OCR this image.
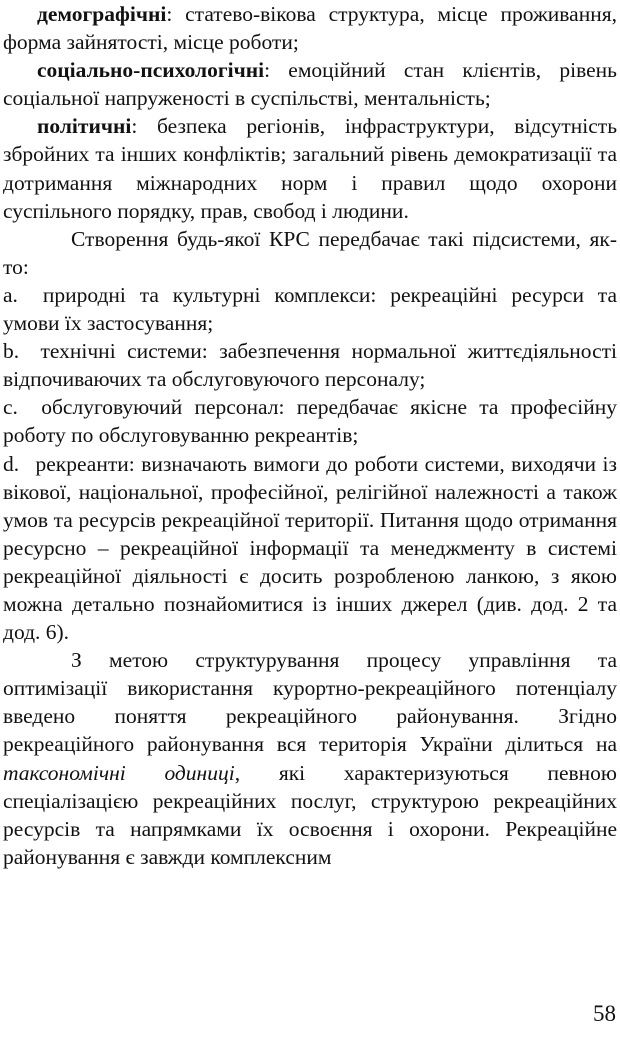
демографічні: статево-вікова структура, місце проживання, форма зайнятості, місце роботи;

соціально-психологічні: емоційний стан клієнтів, рівень соціальної напруженості в суспільстві, ментальність;

політичні: безпека регіонів, інфраструктури, відсутність збройних та інших конфліктів; загальний рівень демократизації та дотримання міжнародних норм і правил щодо охорони суспільного порядку, прав, свобод і людини.

Створення будь-якої КРС передбачає такі підсистеми, як-то:

a. природні та культурні комплекси: рекреаційні ресурси та умови їх застосування;

b. технічні системи: забезпечення нормальної життєдіяльності відпочиваючих та обслуговуючого персоналу;

c. обслуговуючий персонал: передбачає якісне та професійну роботу по обслуговуванню рекреантів;

d. рекреанти: визначають вимоги до роботи системи, виходячи із вікової, національної, професійної, релігійної належності а також умов та ресурсів рекреаційної території. Питання щодо отримання ресурсно – рекреаційної інформації та менеджменту в системі рекреаційної діяльності є досить розробленою ланкою, з якою можна детально познайомитися із інших джерел (див. дод. 2 та дод. 6).

З метою структурування процесу управління та оптимізації використання курортно-рекреаційного потенціалу введено поняття рекреаційного районування. Згідно рекреаційного районування вся територія України ділиться на таксономічні одиниці, які характеризуються певною спеціалізацією рекреаційних послуг, структурою рекреаційних ресурсів та напрямками їх освоєння і охорони. Рекреаційне районування є завжди комплексним

58
